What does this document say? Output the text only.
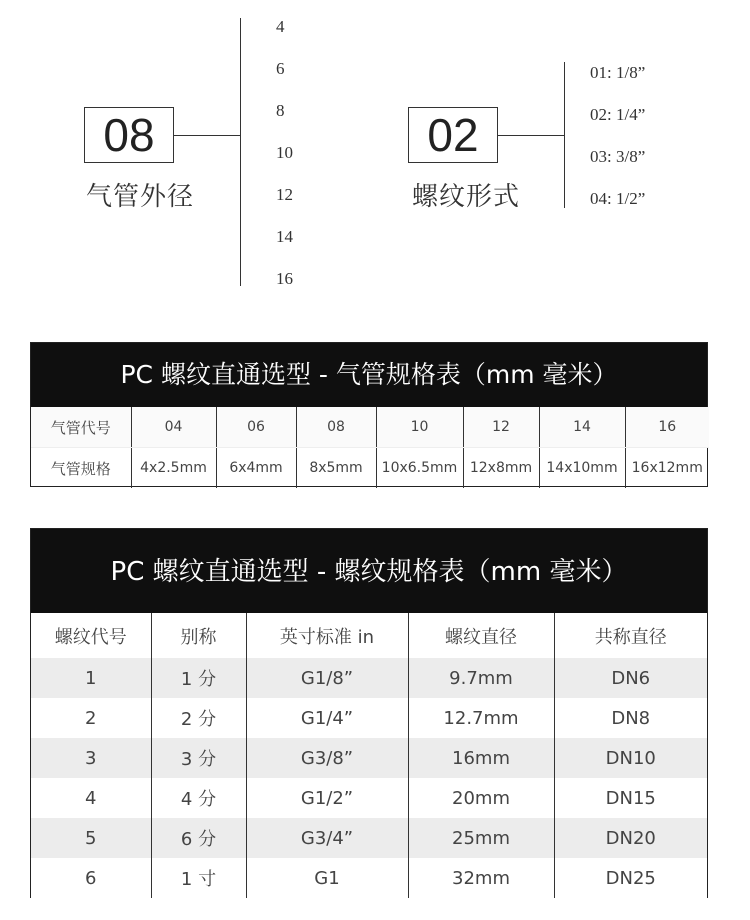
08
气管外径
4
6
8
10
12
14
16
02
螺纹形式
01: 1/8”
02: 1/4”
03: 3/8”
04: 1/2”
PC 螺纹直通选型 - 气管规格表（mm 毫米）
气管代号	04	06	08	10	12	14	16
气管规格	4x2.5mm	6x4mm	8x5mm	10x6.5mm	12x8mm	14x10mm	16x12mm
PC 螺纹直通选型 - 螺纹规格表（mm 毫米）
螺纹代号	别称	英寸标准 in	螺纹直径	共称直径
1	1 分	G1/8”	9.7mm	DN6
2	2 分	G1/4”	12.7mm	DN8
3	3 分	G3/8”	16mm	DN10
4	4 分	G1/2”	20mm	DN15
5	6 分	G3/4”	25mm	DN20
6	1 寸	G1	32mm	DN25
